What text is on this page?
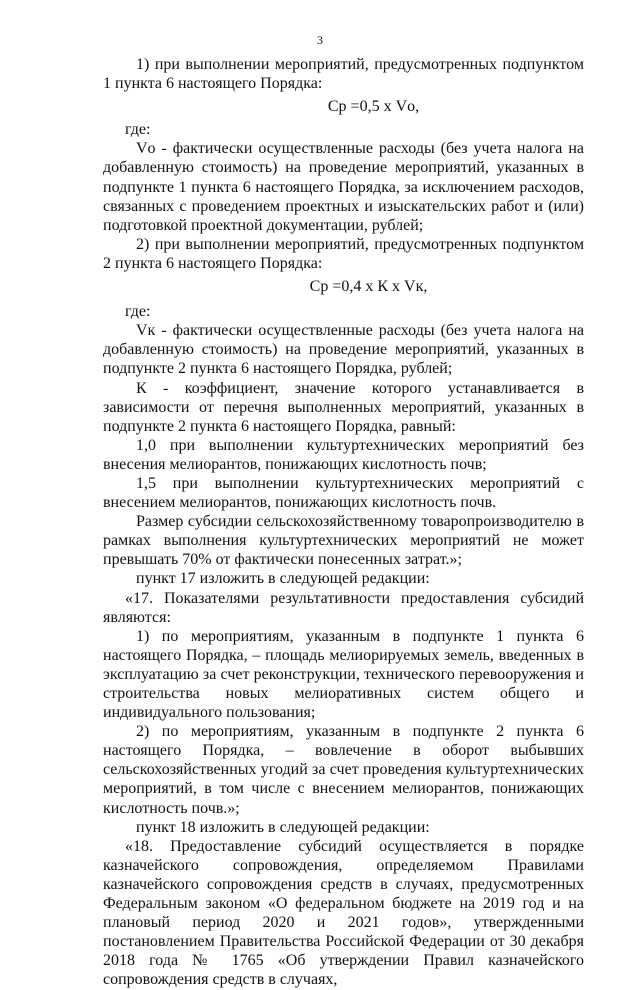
3

1) при выполнении мероприятий, предусмотренных подпунктом 1 пункта 6 настоящего Порядка:

Ср =0,5 х Vо,

где:

Vо - фактически осуществленные расходы (без учета налога на добавленную стоимость) на проведение мероприятий, указанных в подпункте 1 пункта 6 настоящего Порядка, за исключением расходов, связанных с проведением проектных и изыскательских работ и (или) подготовкой проектной документации, рублей;

2) при выполнении мероприятий, предусмотренных подпунктом 2 пункта 6 настоящего Порядка:

Ср =0,4 х К х Vк,

где:

Vк - фактически осуществленные расходы (без учета налога на добавленную стоимость) на проведение мероприятий, указанных в подпункте 2 пункта 6 настоящего Порядка, рублей;

К - коэффициент, значение которого устанавливается в зависимости от перечня выполненных мероприятий, указанных в подпункте 2 пункта 6 настоящего Порядка, равный:

1,0 при выполнении культуртехнических мероприятий без внесения мелиорантов, понижающих кислотность почв;

1,5 при выполнении культуртехнических мероприятий с внесением мелиорантов, понижающих кислотность почв.

Размер субсидии сельскохозяйственному товаропроизводителю в рамках выполнения культуртехнических мероприятий не может превышать 70% от фактически понесенных затрат.»;

пункт 17 изложить в следующей редакции:

«17. Показателями результативности предоставления субсидий являются:

1) по мероприятиям, указанным в подпункте 1 пункта 6 настоящего Порядка, – площадь мелиорируемых земель, введенных в эксплуатацию за счет реконструкции, технического перевооружения и строительства новых мелиоративных систем общего и индивидуального пользования;

2) по мероприятиям, указанным в подпункте 2 пункта 6 настоящего Порядка, – вовлечение в оборот выбывших сельскохозяйственных угодий за счет проведения культуртехнических мероприятий, в том числе с внесением мелиорантов, понижающих кислотность почв.»;

пункт 18 изложить в следующей редакции:

«18. Предоставление субсидий осуществляется в порядке казначейского сопровождения, определяемом Правилами казначейского сопровождения средств в случаях, предусмотренных Федеральным законом «О федеральном бюджете на 2019 год и на плановый период 2020 и 2021 годов», утвержденными постановлением Правительства Российской Федерации от 30 декабря 2018 года № 1765 «Об утверждении Правил казначейского сопровождения средств в случаях,
